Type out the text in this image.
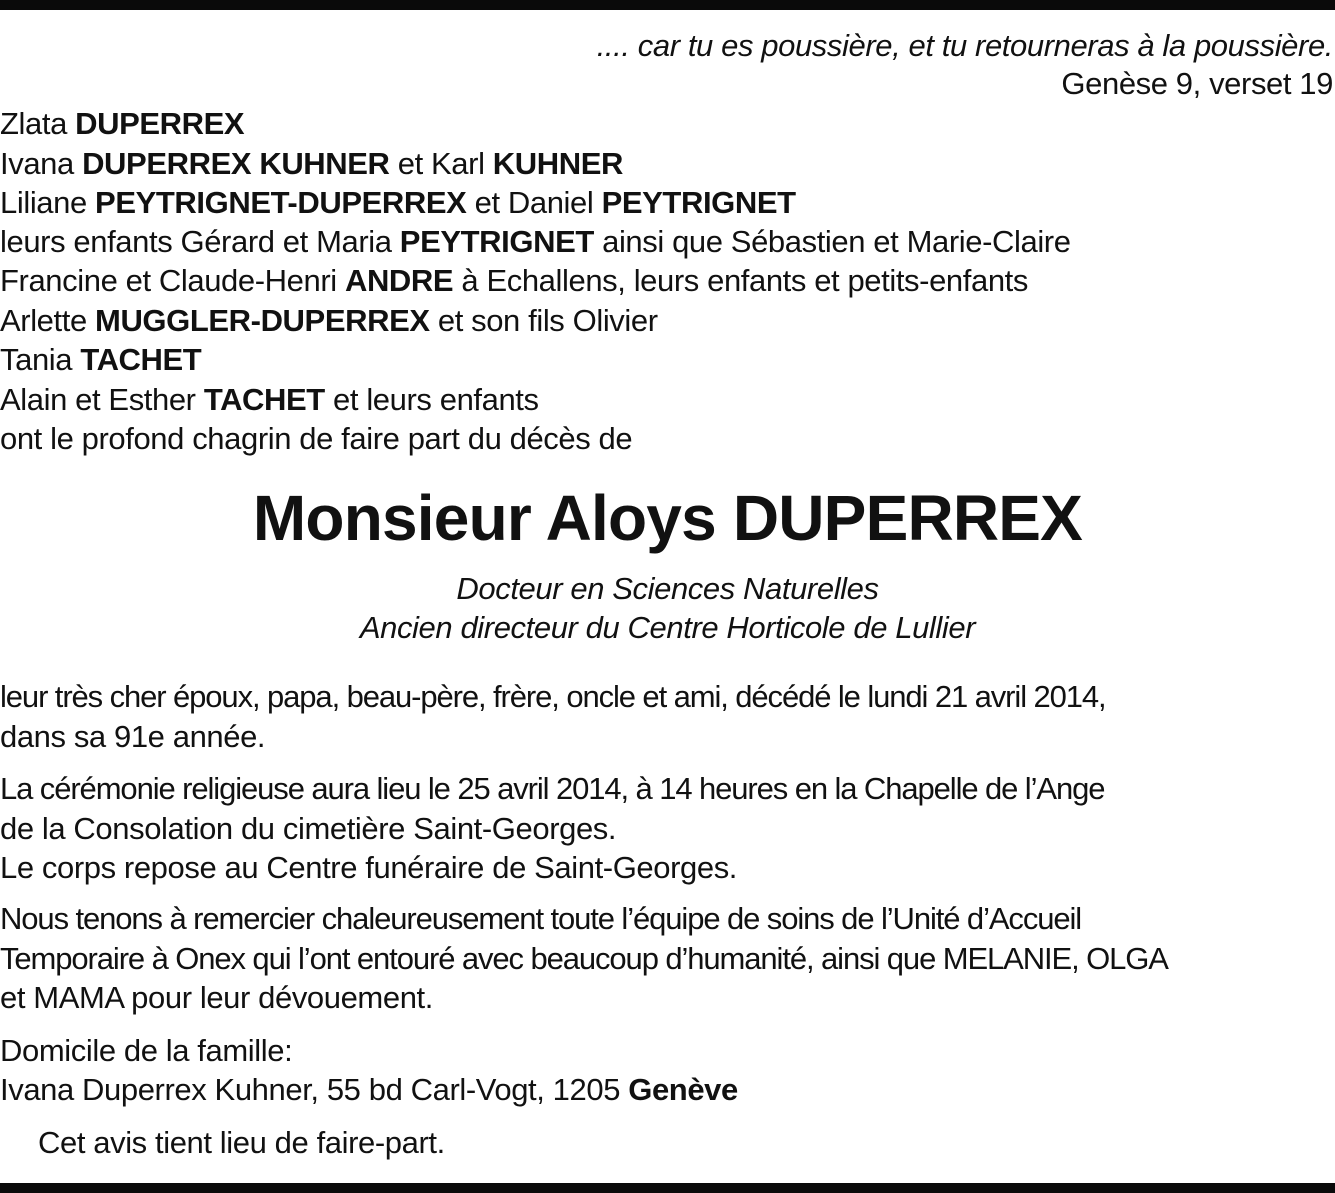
.... car tu es poussière, et tu retourneras à la poussière.
Genèse 9, verset 19
Zlata DUPERREX
Ivana DUPERREX KUHNER et Karl KUHNER
Liliane PEYTRIGNET-DUPERREX et Daniel PEYTRIGNET
leurs enfants Gérard et Maria PEYTRIGNET ainsi que Sébastien et Marie-Claire
Francine et Claude-Henri ANDRE à Echallens, leurs enfants et petits-enfants
Arlette MUGGLER-DUPERREX et son fils Olivier
Tania TACHET
Alain et Esther TACHET et leurs enfants
ont le profond chagrin de faire part du décès de
Monsieur Aloys DUPERREX
Docteur en Sciences Naturelles
Ancien directeur du Centre Horticole de Lullier
leur très cher époux, papa, beau-père, frère, oncle et ami, décédé le lundi 21 avril 2014,
dans sa 91e année.
La cérémonie religieuse aura lieu le 25 avril 2014, à 14 heures en la Chapelle de l’Ange
de la Consolation du cimetière Saint-Georges.
Le corps repose au Centre funéraire de Saint-Georges.
Nous tenons à remercier chaleureusement toute l’équipe de soins de l’Unité d’Accueil
Temporaire à Onex qui l’ont entouré avec beaucoup d’humanité, ainsi que MELANIE, OLGA
et MAMA pour leur dévouement.
Domicile de la famille:
Ivana Duperrex Kuhner, 55 bd Carl-Vogt, 1205 Genève
Cet avis tient lieu de faire-part.
